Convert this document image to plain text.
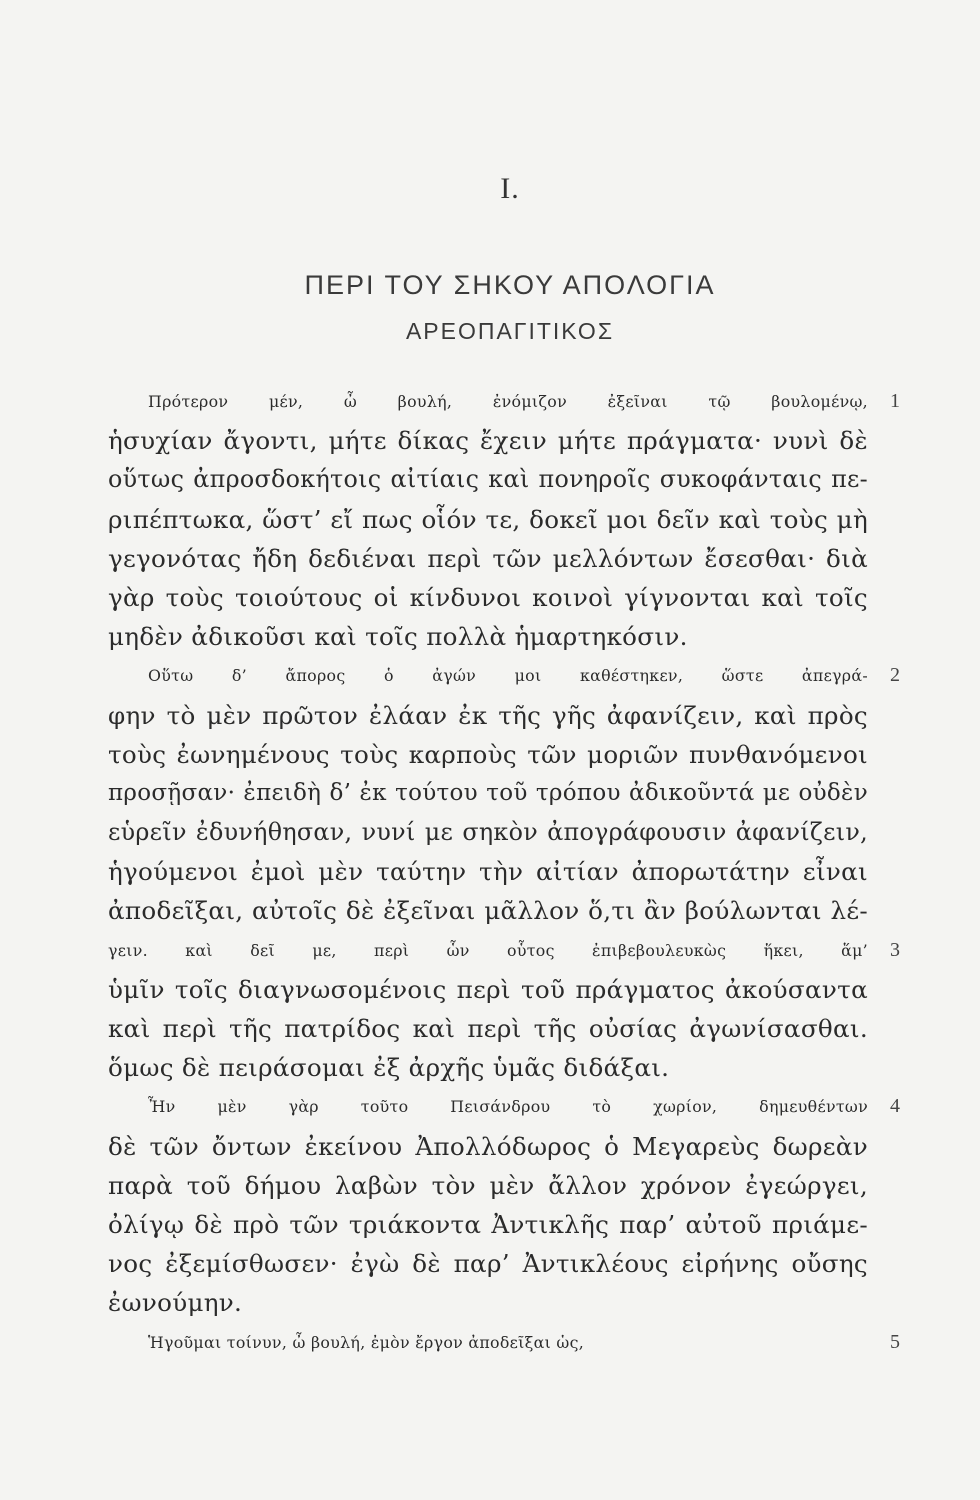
I.
ΠΕΡΙ ΤΟΥ ΣΗΚΟΥ ΑΠΟΛΟΓΙΑ
ΑΡΕΟΠΑΓΙΤΙΚΟΣ
Πρότερον μέν, ὦ βουλή, ἐνόμιζον ἐξεῖναι τῷ βουλομένῳ, 1
ἡσυχίαν ἄγοντι, μήτε δίκας ἔχειν μήτε πράγματα· νυνὶ δὲ
οὕτως ἀπροσδοκήτοις αἰτίαις καὶ πονηροῖς συκοφάνταις πε-
ριπέπτωκα, ὥστ’ εἴ πως οἷόν τε, δοκεῖ μοι δεῖν καὶ τοὺς μὴ
γεγονότας ἤδη δεδιέναι περὶ τῶν μελλόντων ἔσεσθαι· διὰ
γὰρ τοὺς τοιούτους οἱ κίνδυνοι κοινοὶ γίγνονται καὶ τοῖς
μηδὲν ἀδικοῦσι καὶ τοῖς πολλὰ ἡμαρτηκόσιν.
Οὕτω δ’ ἄπορος ὁ ἀγών μοι καθέστηκεν, ὥστε ἀπεγρά- 2
φην τὸ μὲν πρῶτον ἐλάαν ἐκ τῆς γῆς ἀφανίζειν, καὶ πρὸς
τοὺς ἐωνημένους τοὺς καρποὺς τῶν μοριῶν πυνθανόμενοι
προσῇσαν· ἐπειδὴ δ’ ἐκ τούτου τοῦ τρόπου ἀδικοῦντά με οὐδὲν
εὑρεῖν ἐδυνήθησαν, νυνί με σηκὸν ἀπογράφουσιν ἀφανίζειν,
ἡγούμενοι ἐμοὶ μὲν ταύτην τὴν αἰτίαν ἀπορωτάτην εἶναι
ἀποδεῖξαι, αὐτοῖς δὲ ἐξεῖναι μᾶλλον ὅ,τι ἂν βούλωνται λέ-
γειν. καὶ δεῖ με, περὶ ὧν οὗτος ἐπιβεβουλευκὼς ἥκει, ἅμ’ 3
ὑμῖν τοῖς διαγνωσομένοις περὶ τοῦ πράγματος ἀκούσαντα
καὶ περὶ τῆς πατρίδος καὶ περὶ τῆς οὐσίας ἀγωνίσασθαι.
ὅμως δὲ πειράσομαι ἐξ ἀρχῆς ὑμᾶς διδάξαι.
Ἦν μὲν γὰρ τοῦτο Πεισάνδρου τὸ χωρίον, δημευθέντων 4
δὲ τῶν ὄντων ἐκείνου Ἀπολλόδωρος ὁ Μεγαρεὺς δωρεὰν
παρὰ τοῦ δήμου λαβὼν τὸν μὲν ἄλλον χρόνον ἐγεώργει,
ὀλίγῳ δὲ πρὸ τῶν τριάκοντα Ἀντικλῆς παρ’ αὐτοῦ πριάμε-
νος ἐξεμίσθωσεν· ἐγὼ δὲ παρ’ Ἀντικλέους εἰρήνης οὔσης
ἐωνούμην.
Ἡγοῦμαι τοίνυν, ὦ βουλή, ἐμὸν ἔργον ἀποδεῖξαι ὡς,	5
